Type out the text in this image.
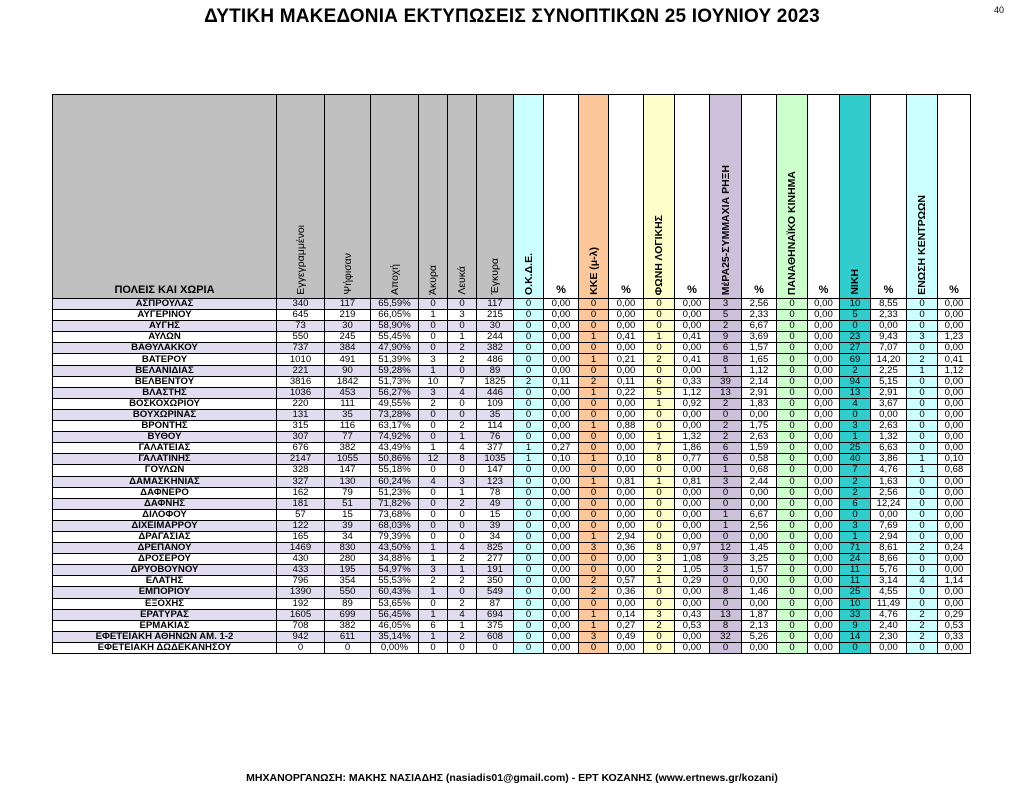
ΔΥΤΙΚΗ ΜΑΚΕΔΟΝΙΑ ΕΚΤΥΠΩΣΕΙΣ ΣΥΝΟΠΤΙΚΩΝ 25 ΙΟΥΝΙΟΥ 2023	40
ΠΟΛΕΙΣ ΚΑΙ ΧΩΡΙΑ	Εγγεγραμμένοι	Ψήφισαν	Αποχή	Άκυρα	Λευκά	Έγκυρα	Ο.Κ.Δ.Ε.	%	ΚΚΕ (μ-λ)	%	ΦΩΝΗ ΛΟΓΙΚΗΣ	%	ΜέΡΑ25-ΣΥΜΜΑΧΙΑ ΡΗΞΗ	%	ΠΑΝΑΘΗΝΑΪΚΟ ΚΙΝΗΜΑ	%	ΝΙΚΗ	%	ΕΝΩΣΗ ΚΕΝΤΡΩΩΝ	%
ΑΣΠΡΟΥΛΑΣ	340	117	65,59%	0	0	117	0	0,00	0	0,00	0	0,00	3	2,56	0	0,00	10	8,55	0	0,00
ΑΥΓΕΡΙΝΟΥ	645	219	66,05%	1	3	215	0	0,00	0	0,00	0	0,00	5	2,33	0	0,00	5	2,33	0	0,00
ΑΥΓΗΣ	73	30	58,90%	0	0	30	0	0,00	0	0,00	0	0,00	2	6,67	0	0,00	0	0,00	0	0,00
ΑΥΛΩΝ	550	245	55,45%	0	1	244	0	0,00	1	0,41	1	0,41	9	3,69	0	0,00	23	9,43	3	1,23
ΒΑΘΥΛΑΚΚΟΥ	737	384	47,90%	0	2	382	0	0,00	0	0,00	0	0,00	6	1,57	0	0,00	27	7,07	0	0,00
ΒΑΤΕΡΟΥ	1010	491	51,39%	3	2	486	0	0,00	1	0,21	2	0,41	8	1,65	0	0,00	69	14,20	2	0,41
ΒΕΛΑΝΙΔΙΑΣ	221	90	59,28%	1	0	89	0	0,00	0	0,00	0	0,00	1	1,12	0	0,00	2	2,25	1	1,12
ΒΕΛΒΕΝΤΟΥ	3816	1842	51,73%	10	7	1825	2	0,11	2	0,11	6	0,33	39	2,14	0	0,00	94	5,15	0	0,00
ΒΛΑΣΤΗΣ	1036	453	56,27%	3	4	446	0	0,00	1	0,22	5	1,12	13	2,91	0	0,00	13	2,91	0	0,00
ΒΟΣΚΟΧΩΡΙΟΥ	220	111	49,55%	2	0	109	0	0,00	0	0,00	1	0,92	2	1,83	0	0,00	4	3,67	0	0,00
ΒΟΥΧΩΡΙΝΑΣ	131	35	73,28%	0	0	35	0	0,00	0	0,00	0	0,00	0	0,00	0	0,00	0	0,00	0	0,00
ΒΡΟΝΤΗΣ	315	116	63,17%	0	2	114	0	0,00	1	0,88	0	0,00	2	1,75	0	0,00	3	2,63	0	0,00
ΒΥΘΟΥ	307	77	74,92%	0	1	76	0	0,00	0	0,00	1	1,32	2	2,63	0	0,00	1	1,32	0	0,00
ΓΑΛΑΤΕΙΑΣ	676	382	43,49%	1	4	377	1	0,27	0	0,00	7	1,86	6	1,59	0	0,00	25	6,63	0	0,00
ΓΑΛΑΤΙΝΗΣ	2147	1055	50,86%	12	8	1035	1	0,10	1	0,10	8	0,77	6	0,58	0	0,00	40	3,86	1	0,10
ΓΟΥΛΩΝ	328	147	55,18%	0	0	147	0	0,00	0	0,00	0	0,00	1	0,68	0	0,00	7	4,76	1	0,68
ΔΑΜΑΣΚΗΝΙΑΣ	327	130	60,24%	4	3	123	0	0,00	1	0,81	1	0,81	3	2,44	0	0,00	2	1,63	0	0,00
ΔΑΦΝΕΡΟ	162	79	51,23%	0	1	78	0	0,00	0	0,00	0	0,00	0	0,00	0	0,00	2	2,56	0	0,00
ΔΑΦΝΗΣ	181	51	71,82%	0	2	49	0	0,00	0	0,00	0	0,00	0	0,00	0	0,00	6	12,24	0	0,00
ΔΙΛΟΦΟΥ	57	15	73,68%	0	0	15	0	0,00	0	0,00	0	0,00	1	6,67	0	0,00	0	0,00	0	0,00
ΔΙΧΕΙΜΑΡΡΟΥ	122	39	68,03%	0	0	39	0	0,00	0	0,00	0	0,00	1	2,56	0	0,00	3	7,69	0	0,00
ΔΡΑΓΑΣΙΑΣ	165	34	79,39%	0	0	34	0	0,00	1	2,94	0	0,00	0	0,00	0	0,00	1	2,94	0	0,00
ΔΡΕΠΑΝΟΥ	1469	830	43,50%	1	4	825	0	0,00	3	0,36	8	0,97	12	1,45	0	0,00	71	8,61	2	0,24
ΔΡΟΣΕΡΟΥ	430	280	34,88%	1	2	277	0	0,00	0	0,00	3	1,08	9	3,25	0	0,00	24	8,66	0	0,00
ΔΡΥΟΒΟΥΝΟΥ	433	195	54,97%	3	1	191	0	0,00	0	0,00	2	1,05	3	1,57	0	0,00	11	5,76	0	0,00
ΕΛΑΤΗΣ	796	354	55,53%	2	2	350	0	0,00	2	0,57	1	0,29	0	0,00	0	0,00	11	3,14	4	1,14
ΕΜΠΟΡΙΟΥ	1390	550	60,43%	1	0	549	0	0,00	2	0,36	0	0,00	8	1,46	0	0,00	25	4,55	0	0,00
ΕΞΟΧΗΣ	192	89	53,65%	0	2	87	0	0,00	0	0,00	0	0,00	0	0,00	0	0,00	10	11,49	0	0,00
ΕΡΑΤΥΡΑΣ	1605	699	56,45%	1	4	694	0	0,00	1	0,14	3	0,43	13	1,87	0	0,00	33	4,76	2	0,29
ΕΡΜΑΚΙΑΣ	708	382	46,05%	6	1	375	0	0,00	1	0,27	2	0,53	8	2,13	0	0,00	9	2,40	2	0,53
ΕΦΕΤΕΙΑΚΗ ΑΘΗΝΩΝ ΑΜ. 1-2	942	611	35,14%	1	2	608	0	0,00	3	0,49	0	0,00	32	5,26	0	0,00	14	2,30	2	0,33
ΕΦΕΤΕΙΑΚΗ ΔΩΔΕΚΑΝΗΣΟΥ	0	0	0,00%	0	0	0	0	0,00	0	0,00	0	0,00	0	0,00	0	0,00	0	0,00	0	0,00
ΜΗΧΑΝΟΡΓΑΝΩΣΗ: ΜΑΚΗΣ ΝΑΣΙΑΔΗΣ (nasiadis01@gmail.com) - ΕΡΤ ΚΟΖΑΝΗΣ (www.ertnews.gr/kozani)
